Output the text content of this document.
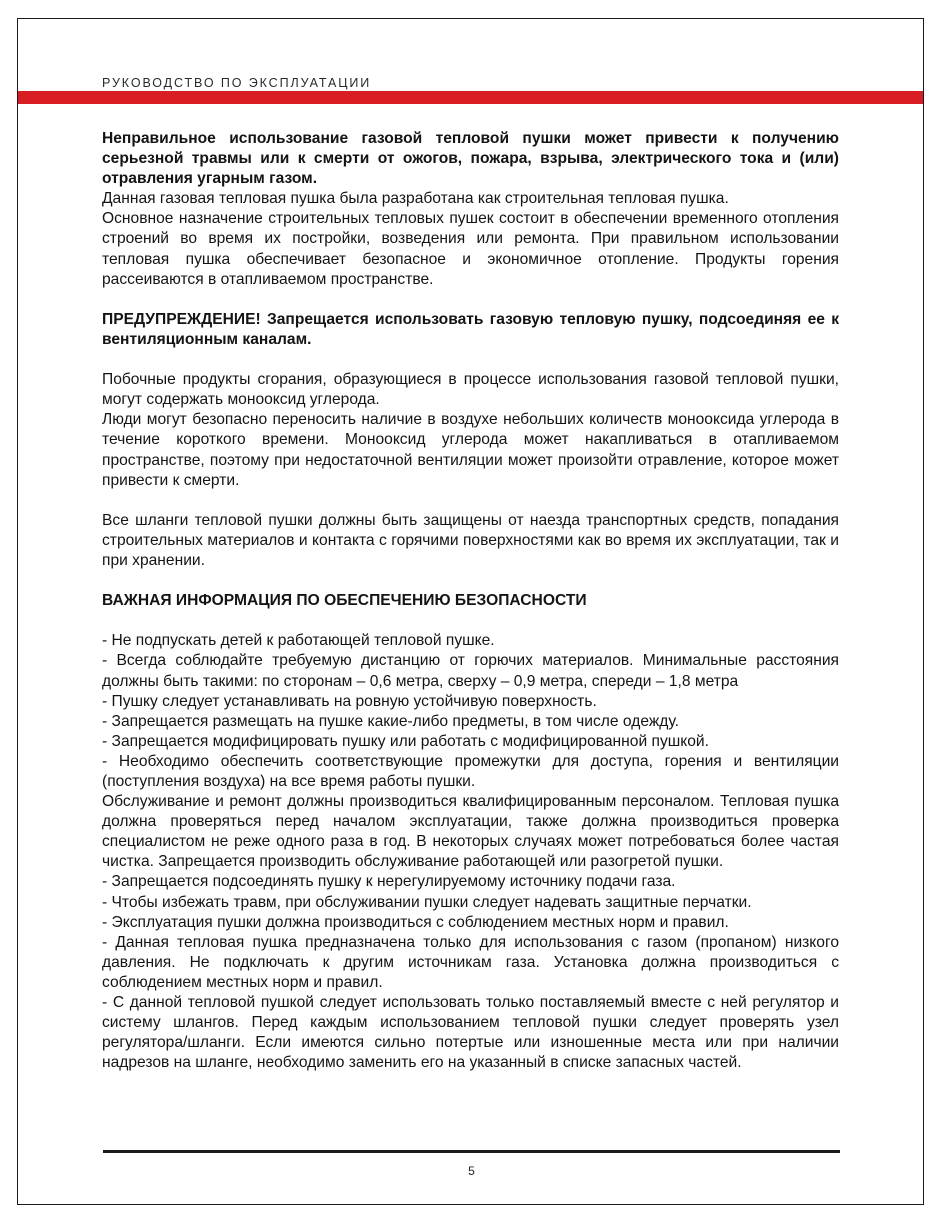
РУКОВОДСТВО ПО ЭКСПЛУАТАЦИИ

Неправильное использование газовой тепловой пушки может привести к получению серьезной травмы или к смерти от ожогов, пожара, взрыва, электрического тока и (или) отравления угарным газом.

Данная газовая тепловая пушка была разработана как строительная тепловая пушка.

Основное назначение строительных тепловых пушек состоит в обеспечении временного отопления строений во время их постройки, возведения или ремонта. При правильном использовании тепловая пушка обеспечивает безопасное и экономичное отопление. Продукты горения рассеиваются в отапливаемом пространстве.

ПРЕДУПРЕЖДЕНИЕ! Запрещается использовать газовую тепловую пушку, подсоединяя ее к вентиляционным каналам.

Побочные продукты сгорания, образующиеся в процессе использования газовой тепловой пушки, могут содержать монооксид углерода.

Люди могут безопасно переносить наличие в воздухе небольших количеств монооксида углерода в течение короткого времени. Монооксид углерода может накапливаться в отапливаемом пространстве, поэтому при недостаточной вентиляции может произойти отравление, которое может привести к смерти.

Все шланги тепловой пушки должны быть защищены от наезда транспортных средств, попадания строительных материалов и контакта с горячими поверхностями как во время их эксплуатации, так и при хранении.

ВАЖНАЯ ИНФОРМАЦИЯ ПО ОБЕСПЕЧЕНИЮ БЕЗОПАСНОСТИ

- Не подпускать детей к работающей тепловой пушке.

- Всегда соблюдайте требуемую дистанцию от горючих материалов. Минимальные расстояния должны быть такими: по сторонам – 0,6 метра, сверху – 0,9 метра, спереди – 1,8 метра

- Пушку следует устанавливать на ровную устойчивую поверхность.

- Запрещается размещать на пушке какие-либо предметы, в том числе одежду.

- Запрещается модифицировать пушку или работать с модифицированной пушкой.

- Необходимо обеспечить соответствующие промежутки для доступа, горения и вентиляции (поступления воздуха) на все время работы пушки.

Обслуживание и ремонт должны производиться квалифицированным персоналом. Тепловая пушка должна проверяться перед началом эксплуатации, также должна производиться проверка специалистом не реже одного раза в год. В некоторых случаях может потребоваться более частая чистка. Запрещается производить обслуживание работающей или разогретой пушки.

- Запрещается подсоединять пушку к нерегулируемому источнику подачи газа.

- Чтобы избежать травм, при обслуживании пушки следует надевать защитные перчатки.

- Эксплуатация пушки должна производиться с соблюдением местных норм и правил.

- Данная тепловая пушка предназначена только для использования с газом (пропаном) низкого давления. Не подключать к другим источникам газа. Установка должна производиться с соблюдением местных норм и правил.

- С данной тепловой пушкой следует использовать только поставляемый вместе с ней регулятор и систему шлангов. Перед каждым использованием тепловой пушки следует проверять узел регулятора/шланги. Если имеются сильно потертые или изношенные места или при наличии надрезов на шланге, необходимо заменить его на указанный в списке запасных частей.

5
